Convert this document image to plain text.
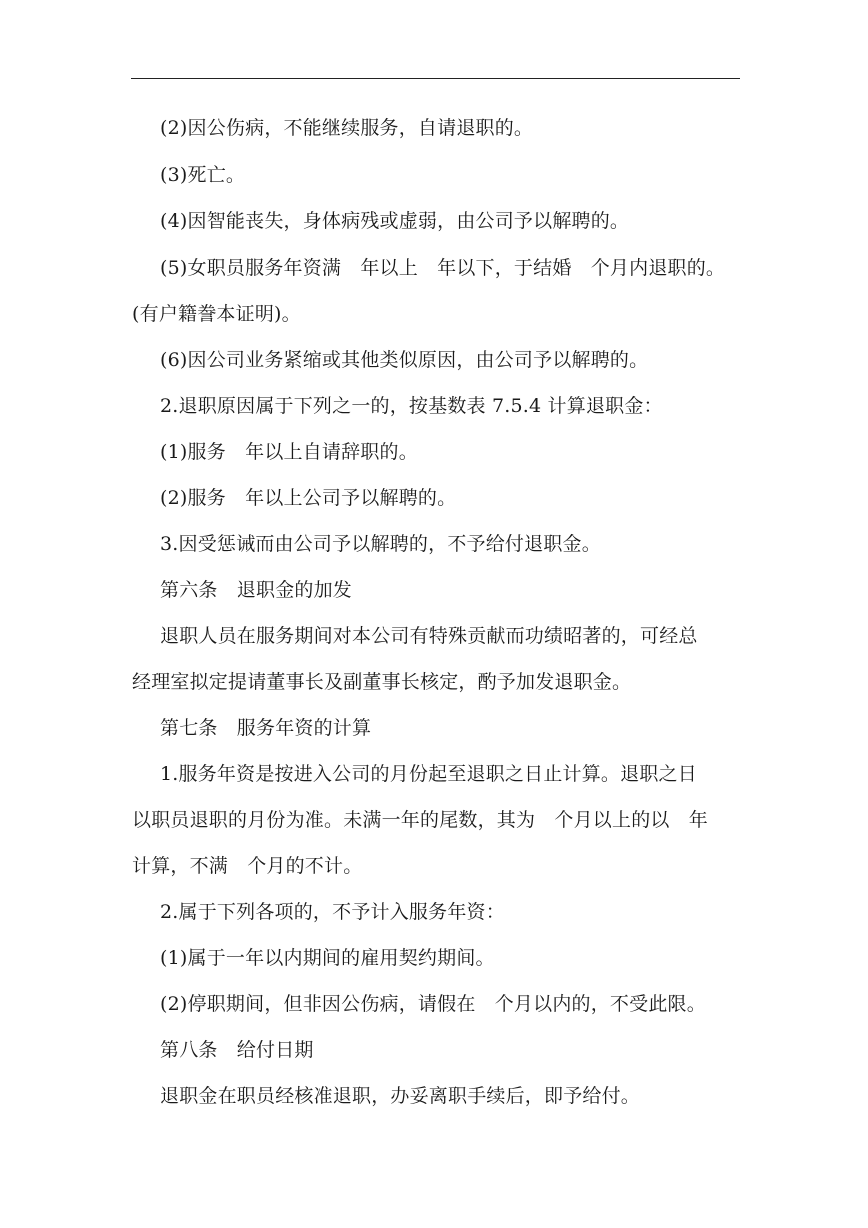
(2)因公伤病，不能继续服务，自请退职的。
(3)死亡。
(4)因智能丧失，身体病残或虚弱，由公司予以解聘的。
(5)女职员服务年资满　年以上　年以下，于结婚　个月内退职的。
(有户籍誊本证明)。
(6)因公司业务紧缩或其他类似原因，由公司予以解聘的。
2.退职原因属于下列之一的，按基数表 7.5.4 计算退职金：
(1)服务　年以上自请辞职的。
(2)服务　年以上公司予以解聘的。
3.因受惩诫而由公司予以解聘的，不予给付退职金。
第六条　退职金的加发
退职人员在服务期间对本公司有特殊贡献而功绩昭著的，可经总
经理室拟定提请董事长及副董事长核定，酌予加发退职金。
第七条　服务年资的计算
1.服务年资是按进入公司的月份起至退职之日止计算。退职之日
以职员退职的月份为准。未满一年的尾数，其为　个月以上的以　年
计算，不满　个月的不计。
2.属于下列各项的，不予计入服务年资：
(1)属于一年以内期间的雇用契约期间。
(2)停职期间，但非因公伤病，请假在　个月以内的，不受此限。
第八条　给付日期
退职金在职员经核准退职，办妥离职手续后，即予给付。
